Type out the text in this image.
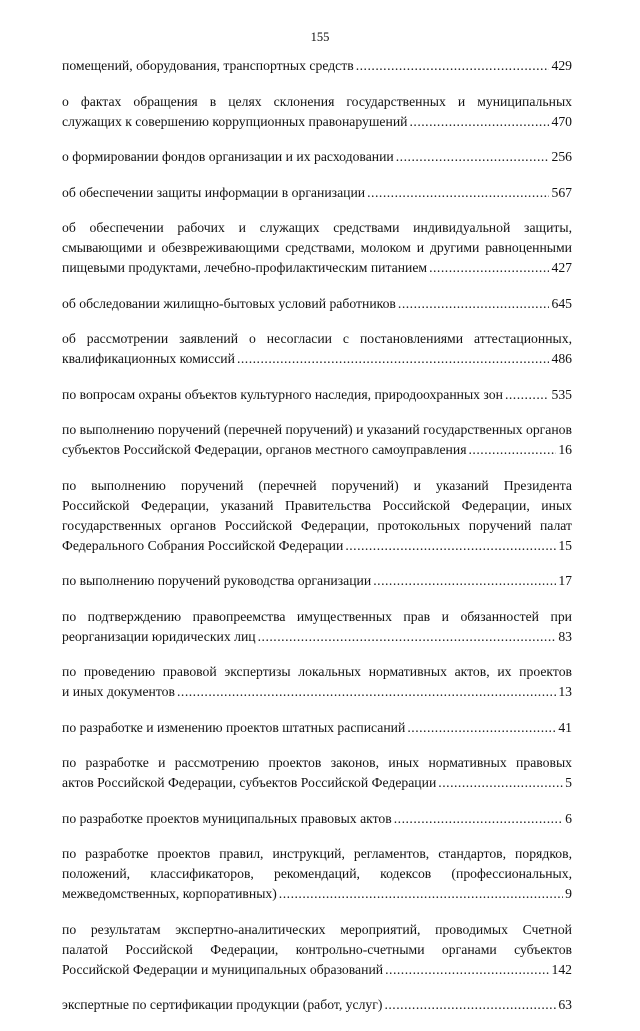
155
помещений, оборудования, транспортных средств .....	429
о фактах обращения в целях склонения государственных и муниципальных
служащих к совершению коррупционных правонарушений .....	470
о формировании фондов организации и их расходовании .....	256
об обеспечении защиты информации в организации .....	567
об обеспечении рабочих и служащих средствами индивидуальной защиты,
смывающими и обезвреживающими средствами, молоком и другими равноценными
пищевыми продуктами, лечебно-профилактическим питанием .....	427
об обследовании жилищно-бытовых условий работников .....	645
об рассмотрении заявлений о несогласии с постановлениями аттестационных,
квалификационных комиссий .....	486
по вопросам охраны объектов культурного наследия, природоохранных зон .....	535
по выполнению поручений (перечней поручений) и указаний государственных органов
субъектов Российской Федерации, органов местного самоуправления .....	16
по выполнению поручений (перечней поручений) и указаний Президента
Российской Федерации, указаний Правительства Российской Федерации, иных
государственных органов Российской Федерации, протокольных поручений палат
Федерального Собрания Российской Федерации .....	15
по выполнению поручений руководства организации .....	17
по подтверждению правопреемства имущественных прав и обязанностей при
реорганизации юридических лиц .....	83
по проведению правовой экспертизы локальных нормативных актов, их проектов
и иных документов .....	13
по разработке и изменению проектов штатных расписаний .....	41
по разработке и рассмотрению проектов законов, иных нормативных правовых
актов Российской Федерации, субъектов Российской Федерации .....	5
по разработке проектов муниципальных правовых актов .....	6
по разработке проектов правил, инструкций, регламентов, стандартов, порядков,
положений, классификаторов, рекомендаций, кодексов (профессиональных,
межведомственных, корпоративных) .....	9
по результатам экспертно-аналитических мероприятий, проводимых Счетной
палатой Российской Федерации, контрольно-счетными органами субъектов
Российской Федерации и муниципальных образований .....	142
экспертные по сертификации продукции (работ, услуг) .....	63
